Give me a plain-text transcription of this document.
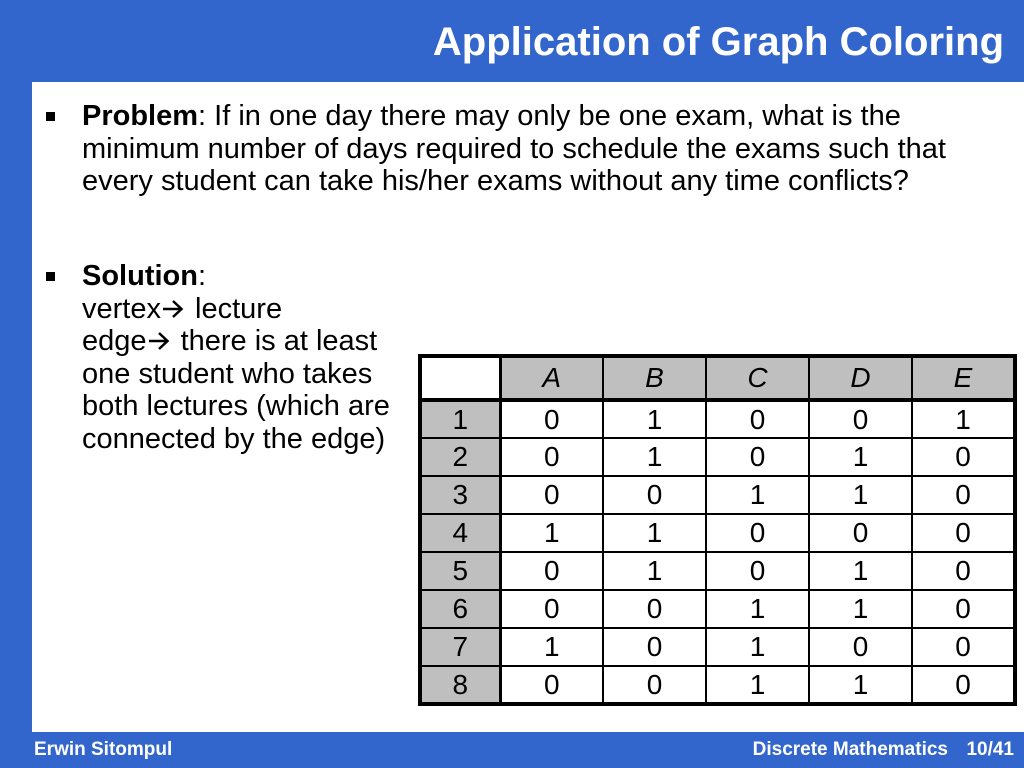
Application of Graph Coloring
Problem: If in one day there may only be one exam, what is the minimum number of days required to schedule the exams such that every student can take his/her exams without any time conflicts?
Solution:
vertex lecture
edge there is at least one student who takes both lectures (which are connected by the edge)
	A	B	C	D	E
1	0	1	0	0	1
2	0	1	0	1	0
3	0	0	1	1	0
4	1	1	0	0	0
5	0	1	0	1	0
6	0	0	1	1	0
7	1	0	1	0	0
8	0	0	1	1	0
Erwin Sitompul	Discrete Mathematics 10/41
